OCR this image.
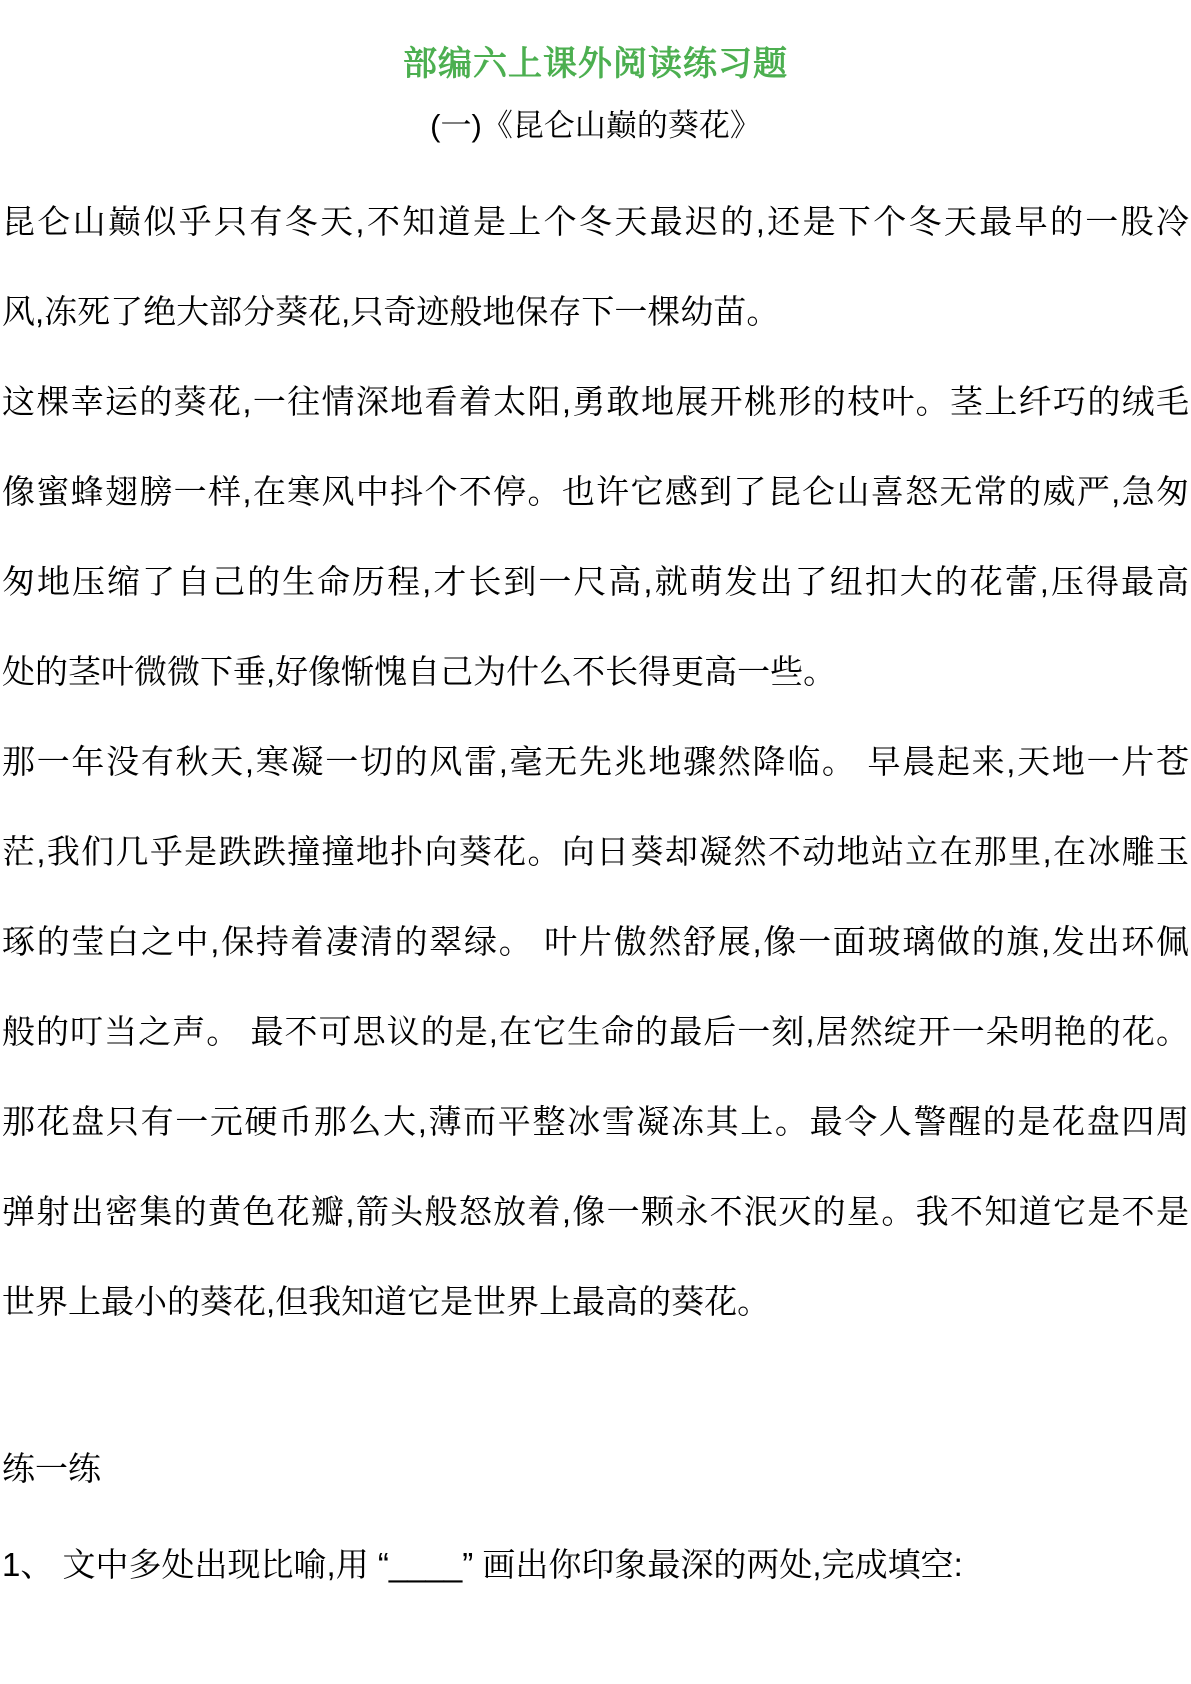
部编六上课外阅读练习题
(一)《昆仑山巅的葵花》
昆仑山巅似乎只有冬天,不知道是上个冬天最迟的,还是下个冬天最早的一股冷
风,冻死了绝大部分葵花,只奇迹般地保存下一棵幼苗。
这棵幸运的葵花,一往情深地看着太阳,勇敢地展开桃形的枝叶。茎上纤巧的绒毛
像蜜蜂翅膀一样,在寒风中抖个不停。也许它感到了昆仑山喜怒无常的威严,急匆
匆地压缩了自己的生命历程,才长到一尺高,就萌发出了纽扣大的花蕾,压得最高
处的茎叶微微下垂,好像惭愧自己为什么不长得更高一些。
那一年没有秋天,寒凝一切的风雷,毫无先兆地骤然降临。 早晨起来,天地一片苍
茫,我们几乎是跌跌撞撞地扑向葵花。向日葵却凝然不动地站立在那里,在冰雕玉
琢的莹白之中,保持着凄清的翠绿。 叶片傲然舒展,像一面玻璃做的旗,发出环佩
般的叮当之声。 最不可思议的是,在它生命的最后一刻,居然绽开一朵明艳的花。
那花盘只有一元硬币那么大,薄而平整冰雪凝冻其上。最令人警醒的是花盘四周
弹射出密集的黄色花瓣,箭头般怒放着,像一颗永不泯灭的星。我不知道它是不是
世界上最小的葵花,但我知道它是世界上最高的葵花。
练一练
1、 文中多处出现比喻,用 “____” 画出你印象最深的两处,完成填空:
